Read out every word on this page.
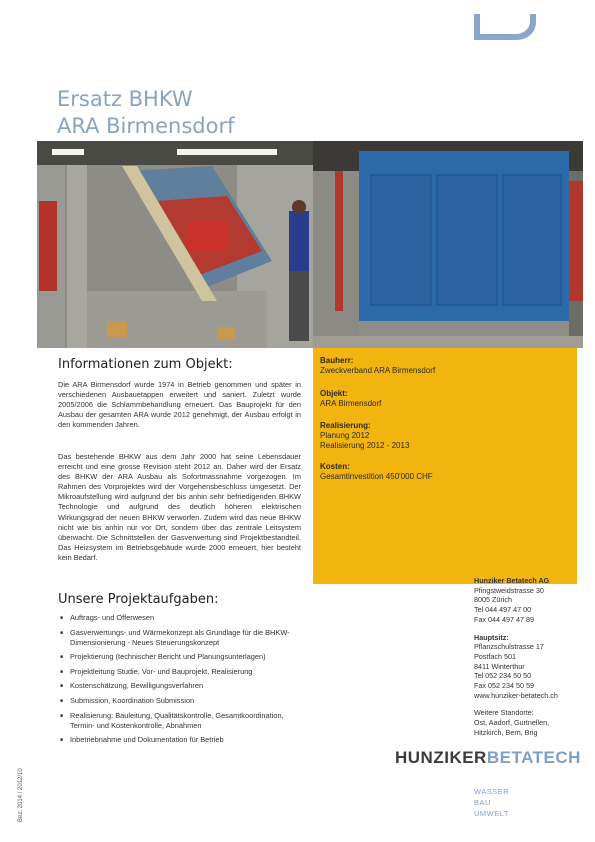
Ersatz BHKW
ARA Birmensdorf
Bauherr:
Zweckverband ARA Birmensdorf
Objekt:
ARA Birmensdorf
Realisierung:
Planung 2012
Realisierung 2012 - 2013
Kosten:
Gesamtinvestition 450'000 CHF
Informationen zum Objekt:
Die ARA Birmensdorf wurde 1974 in Betrieb genommen und später in verschiedenen Ausbauetappen erweitert und saniert. Zuletzt wurde 2005/2006 die Schlammbehandlung erneuert. Das Bauprojekt für den Ausbau der gesamten ARA wurde 2012 genehmigt, der Ausbau erfolgt in den kommenden Jahren.
Das bestehende BHKW aus dem Jahr 2000 hat seine Lebensdauer erreicht und eine grosse Revision steht 2012 an. Daher wird der Ersatz des BHKW der ARA Ausbau als Sofortmassnahme vorgezogen. Im Rahmen des Vorprojektes wird der Vorgehensbeschluss umgesetzt. Der Mikroaufstellung wird aufgrund der bis anhin sehr befriedigenden BHKW Technologie und aufgrund des deutlich höheren elektrischen Wirkungsgrad der neuen BHKW verworfen. Zudem wird das neue BHKW nicht wie bis anhin nur vor Ort, sondern über das zentrale Leitsystem überwacht. Die Schnittstellen der Gasverwertung sind Projektbestandteil. Das Heizsystem im Betriebsgebäude wurde 2000 erneuert, hier besteht kein Bedarf.
Unsere Projektaufgaben:
■ Auftrags- und Offerwesen
■ Gasverwertungs- und Wärmekonzept als Grundlage für die BHKW-Dimensionierung - Neues Steuerungskonzept
■ Projektierung (technischer Bericht und Planungsunterlagen)
■ Projektleitung Studie, Vor- und Bauprojekt, Realisierung
■ Kostenschätzung, Bewilligungsverfahren
■ Submission, Koordination Submission
■ Realisierung: Bauleitung, Qualitätskontrolle, Gesamtkoordination, Termin- und Kostenkontrolle, Abnahmen
■ Inbetriebnahme und Dokumentation für Betrieb
Hunziker Betatech AG
Pfingstweidstrasse 30
8005 Zürich
Tel 044 497 47 00
Fax 044 497 47 89
Hauptsitz:
Pflanzschulstrasse 17
Postfach 501
8411 Winterthur
Tel 052 234 50 50
Fax 052 234 50 59
www.hunziker-betatech.ch
Weitere Standorte:
Ost, Aadorf, Gurtnellen,
Hitzkirch, Bern, Brig
HUNZIKERBETATECH
WASSER
BAU
UMWELT
Bez: 2014 / 2012/10
